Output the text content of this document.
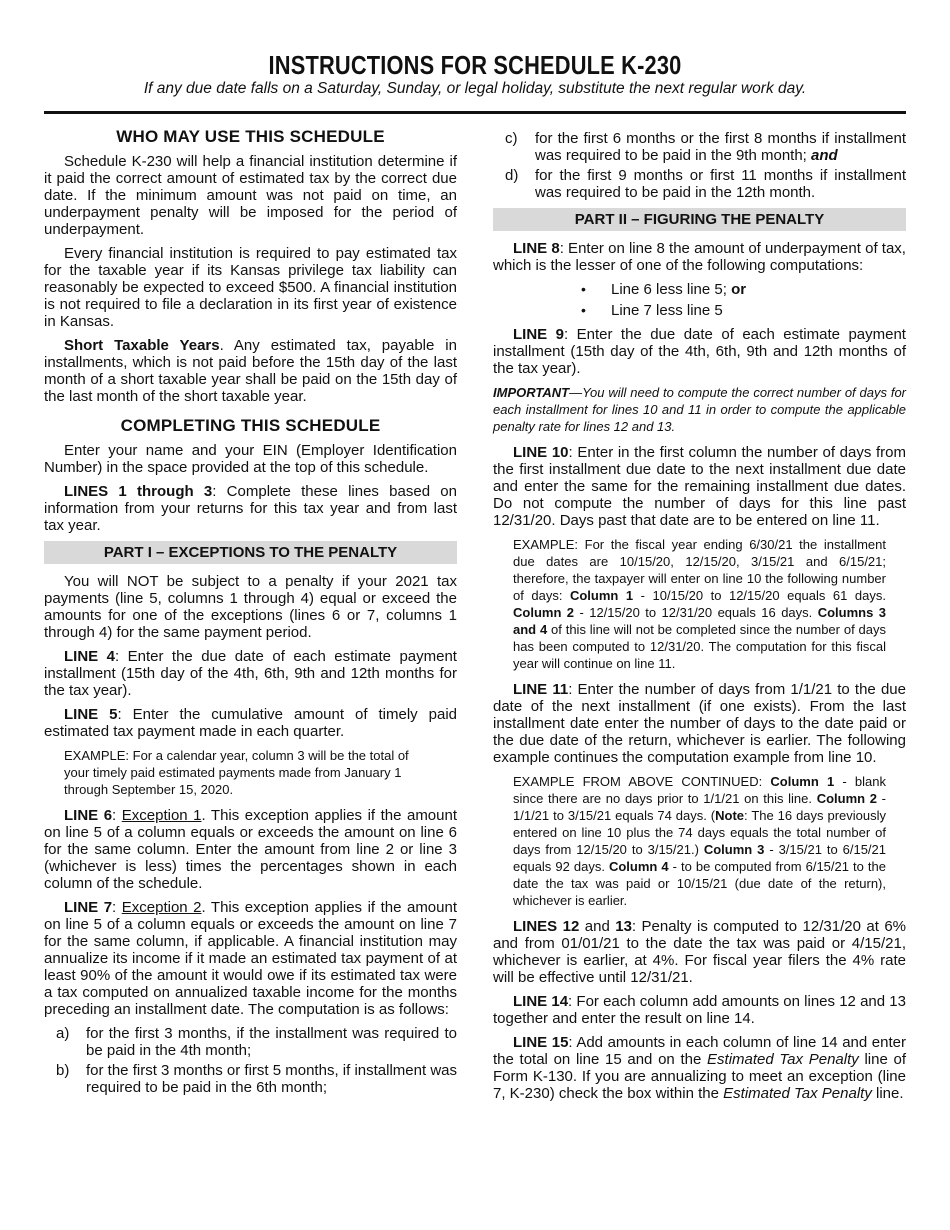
INSTRUCTIONS FOR SCHEDULE K-230
If any due date falls on a Saturday, Sunday, or legal holiday, substitute the next regular work day.
WHO MAY USE THIS SCHEDULE

Schedule K-230 will help a financial institution determine if it paid the correct amount of estimated tax by the correct due date. If the minimum amount was not paid on time, an underpayment penalty will be imposed for the period of underpayment.

Every financial institution is required to pay estimated tax for the taxable year if its Kansas privilege tax liability can reasonably be expected to exceed $500. A financial institution is not required to file a declaration in its first year of existence in Kansas.

Short Taxable Years. Any estimated tax, payable in installments, which is not paid before the 15th day of the last month of a short taxable year shall be paid on the 15th day of the last month of the short taxable year.

COMPLETING THIS SCHEDULE

Enter your name and your EIN (Employer Identification Number) in the space provided at the top of this schedule.

LINES 1 through 3: Complete these lines based on information from your returns for this tax year and from last tax year.

PART I – EXCEPTIONS TO THE PENALTY

You will NOT be subject to a penalty if your 2021 tax payments (line 5, columns 1 through 4) equal or exceed the amounts for one of the exceptions (lines 6 or 7, columns 1 through 4) for the same payment period.

LINE 4: Enter the due date of each estimate payment installment (15th day of the 4th, 6th, 9th and 12th months for the tax year).

LINE 5: Enter the cumulative amount of timely paid estimated tax payment made in each quarter.

EXAMPLE: For a calendar year, column 3 will be the total of your timely paid estimated payments made from January 1 through September 15, 2020.

LINE 6: Exception 1. This exception applies if the amount on line 5 of a column equals or exceeds the amount on line 6 for the same column. Enter the amount from line 2 or line 3 (whichever is less) times the percentages shown in each column of the schedule.

LINE 7: Exception 2. This exception applies if the amount on line 5 of a column equals or exceeds the amount on line 7 for the same column, if applicable. A financial institution may annualize its income if it made an estimated tax payment of at least 90% of the amount it would owe if its estimated tax were a tax computed on annualized taxable income for the months preceding an installment date. The computation is as follows:

a) for the first 3 months, if the installment was required to be paid in the 4th month;
b) for the first 3 months or first 5 months, if installment was required to be paid in the 6th month;
c) for the first 6 months or the first 8 months if installment was required to be paid in the 9th month; and
d) for the first 9 months or first 11 months if installment was required to be paid in the 12th month.
PART II – FIGURING THE PENALTY

LINE 8: Enter on line 8 the amount of underpayment of tax, which is the lesser of one of the following computations:

• Line 6 less line 5; or
• Line 7 less line 5

LINE 9: Enter the due date of each estimate payment installment (15th day of the 4th, 6th, 9th and 12th months of the tax year).

IMPORTANT—You will need to compute the correct number of days for each installment for lines 10 and 11 in order to compute the applicable penalty rate for lines 12 and 13.

LINE 10: Enter in the first column the number of days from the first installment due date to the next installment due date and enter the same for the remaining installment due dates. Do not compute the number of days for this line past 12/31/20. Days past that date are to be entered on line 11.

EXAMPLE: For the fiscal year ending 6/30/21 the installment due dates are 10/15/20, 12/15/20, 3/15/21 and 6/15/21; therefore, the taxpayer will enter on line 10 the following number of days: Column 1 - 10/15/20 to 12/15/20 equals 61 days. Column 2 - 12/15/20 to 12/31/20 equals 16 days. Columns 3 and 4 of this line will not be completed since the number of days has been computed to 12/31/20. The computation for this fiscal year will continue on line 11.

LINE 11: Enter the number of days from 1/1/21 to the due date of the next installment (if one exists). From the last installment date enter the number of days to the date paid or the due date of the return, whichever is earlier. The following example continues the computation example from line 10.

EXAMPLE FROM ABOVE CONTINUED: Column 1 - blank since there are no days prior to 1/1/21 on this line. Column 2 - 1/1/21 to 3/15/21 equals 74 days. (Note: The 16 days previously entered on line 10 plus the 74 days equals the total number of days from 12/15/20 to 3/15/21.) Column 3 - 3/15/21 to 6/15/21 equals 92 days. Column 4 - to be computed from 6/15/21 to the date the tax was paid or 10/15/21 (due date of the return), whichever is earlier.

LINES 12 and 13: Penalty is computed to 12/31/20 at 6% and from 01/01/21 to the date the tax was paid or 4/15/21, whichever is earlier, at 4%. For fiscal year filers the 4% rate will be effective until 12/31/21.

LINE 14: For each column add amounts on lines 12 and 13 together and enter the result on line 14.

LINE 15: Add amounts in each column of line 14 and enter the total on line 15 and on the Estimated Tax Penalty line of Form K-130. If you are annualizing to meet an exception (line 7, K-230) check the box within the Estimated Tax Penalty line.
